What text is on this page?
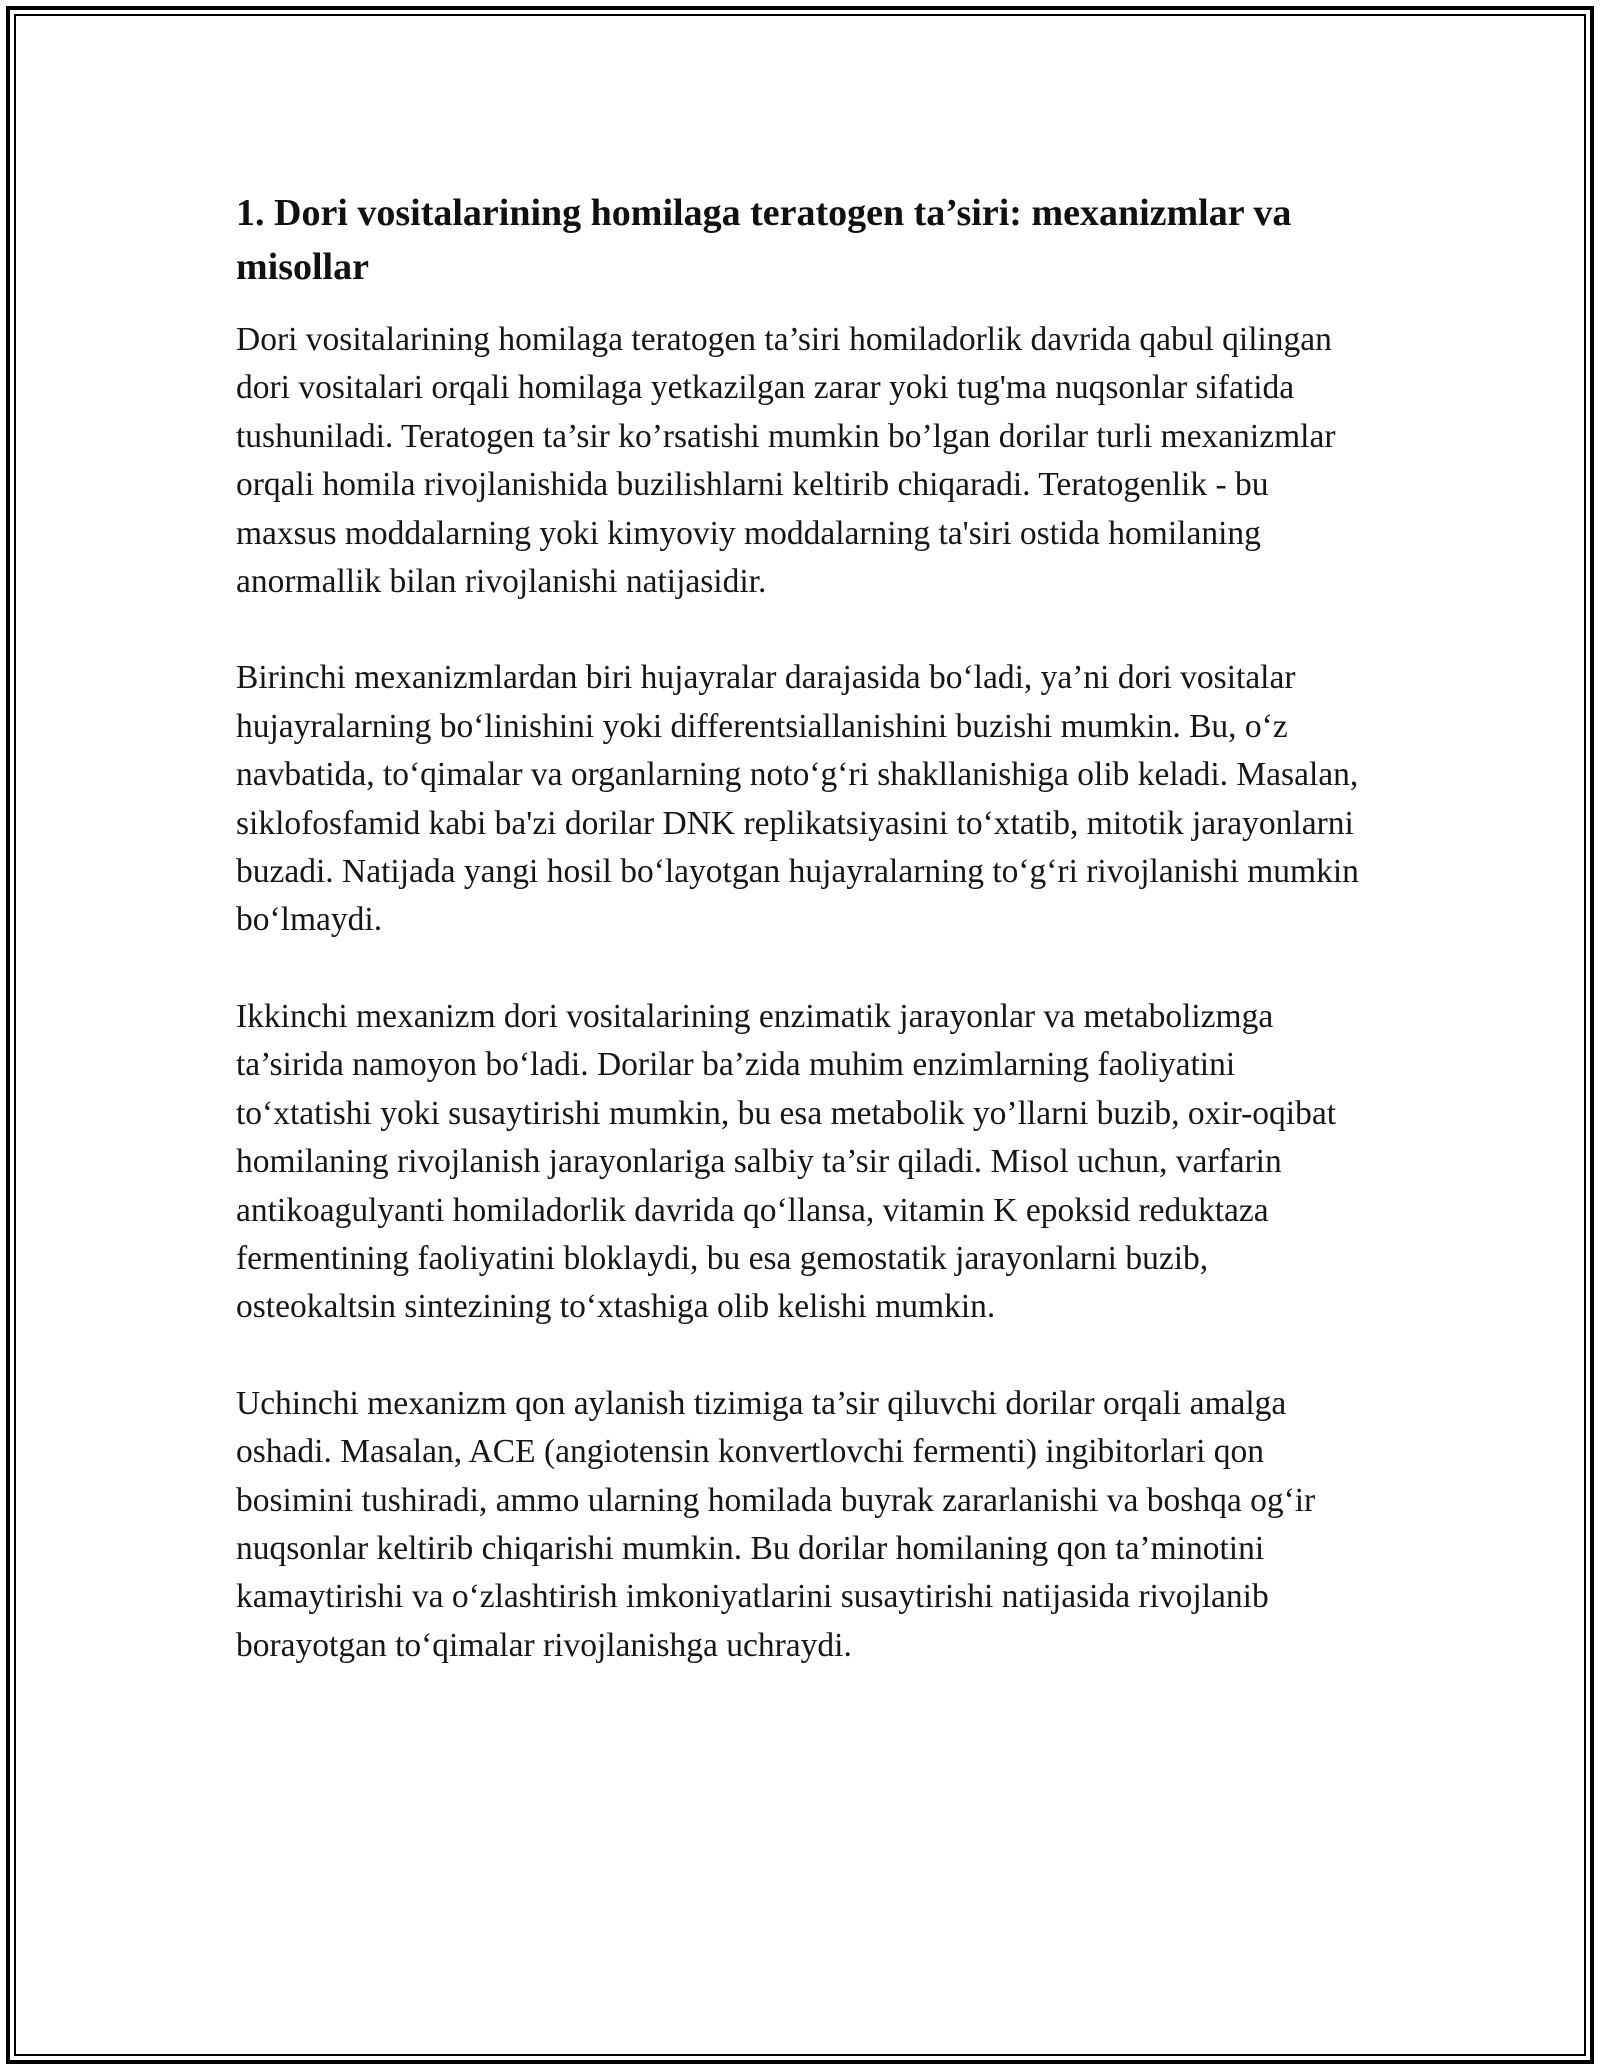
1. Dori vositalarining homilaga teratogen ta’siri: mexanizmlar va misollar

Dori vositalarining homilaga teratogen ta’siri homiladorlik davrida qabul qilingan dori vositalari orqali homilaga yetkazilgan zarar yoki tug'ma nuqsonlar sifatida tushuniladi. Teratogen ta’sir ko’rsatishi mumkin bo’lgan dorilar turli mexanizmlar orqali homila rivojlanishida buzilishlarni keltirib chiqaradi. Teratogenlik - bu maxsus moddalarning yoki kimyoviy moddalarning ta'siri ostida homilaning anormallik bilan rivojlanishi natijasidir.

Birinchi mexanizmlardan biri hujayralar darajasida boʻladi, ya’ni dori vositalar hujayralarning boʻlinishini yoki differentsiallanishini buzishi mumkin. Bu, oʻz navbatida, toʻqimalar va organlarning notoʻgʻri shakllanishiga olib keladi. Masalan, siklofosfamid kabi ba'zi dorilar DNK replikatsiyasini toʻxtatib, mitotik jarayonlarni buzadi. Natijada yangi hosil boʻlayotgan hujayralarning toʻgʻri rivojlanishi mumkin boʻlmaydi.

Ikkinchi mexanizm dori vositalarining enzimatik jarayonlar va metabolizmga ta’sirida namoyon boʻladi. Dorilar ba’zida muhim enzimlarning faoliyatini toʻxtatishi yoki susaytirishi mumkin, bu esa metabolik yo’llarni buzib, oxir-oqibat homilaning rivojlanish jarayonlariga salbiy ta’sir qiladi. Misol uchun, varfarin antikoagulyanti homiladorlik davrida qoʻllansa, vitamin K epoksid reduktaza fermentining faoliyatini bloklaydi, bu esa gemostatik jarayonlarni buzib, osteokaltsin sintezining toʻxtashiga olib kelishi mumkin.

Uchinchi mexanizm qon aylanish tizimiga ta’sir qiluvchi dorilar orqali amalga oshadi. Masalan, ACE (angiotensin konvertlovchi fermenti) ingibitorlari qon bosimini tushiradi, ammo ularning homilada buyrak zararlanishi va boshqa ogʻir nuqsonlar keltirib chiqarishi mumkin. Bu dorilar homilaning qon ta’minotini kamaytirishi va oʻzlashtirish imkoniyatlarini susaytirishi natijasida rivojlanib borayotgan toʻqimalar rivojlanishga uchraydi.
